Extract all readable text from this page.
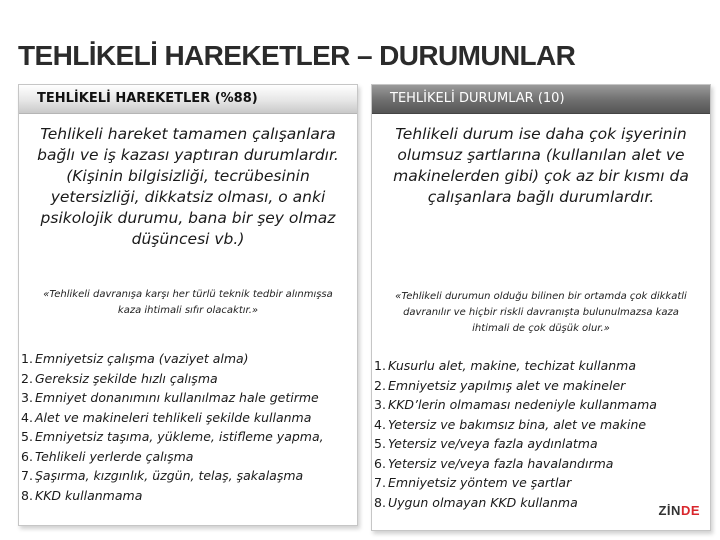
TEHLİKELİ HAREKETLER – DURUMUNLAR
TEHLİKELİ HAREKETLER (%88)
Tehlikeli hareket tamamen çalışanlara bağlı ve iş kazası yaptıran durumlardır. (Kişinin bilgisizliği, tecrübesinin yetersizliği, dikkatsiz olması, o anki psikolojik durumu, bana bir şey olmaz düşüncesi vb.)
«Tehlikeli davranışa karşı her türlü teknik tedbir alınmışsa kaza ihtimali sıfır olacaktır.»
1. Emniyetsiz çalışma (vaziyet alma)
2. Gereksiz şekilde hızlı çalışma
3. Emniyet donanımını kullanılmaz hale getirme
4. Alet ve makineleri tehlikeli şekilde kullanma
5. Emniyetsiz taşıma, yükleme, istifleme yapma,
6. Tehlikeli yerlerde çalışma
7. Şaşırma, kızgınlık, üzgün, telaş, şakalaşma
8. KKD kullanmama
TEHLİKELİ DURUMLAR (10)
Tehlikeli durum ise daha çok işyerinin olumsuz şartlarına (kullanılan alet ve makinelerden gibi) çok az bir kısmı da çalışanlara bağlı durumlardır.
«Tehlikeli durumun olduğu bilinen bir ortamda çok dikkatli davranılır ve hiçbir riskli davranışta bulunulmazsa kaza ihtimali de çok düşük olur.»
1. Kusurlu alet, makine, techizat kullanma
2. Emniyetsiz yapılmış alet ve makineler
3. KKD’lerin olmaması nedeniyle kullanmama
4. Yetersiz ve bakımsız bina, alet ve makine
5. Yetersiz ve/veya fazla aydınlatma
6. Yetersiz ve/veya fazla havalandırma
7. Emniyetsiz yöntem ve şartlar
8. Uygun olmayan KKD kullanma
ZİNDE
